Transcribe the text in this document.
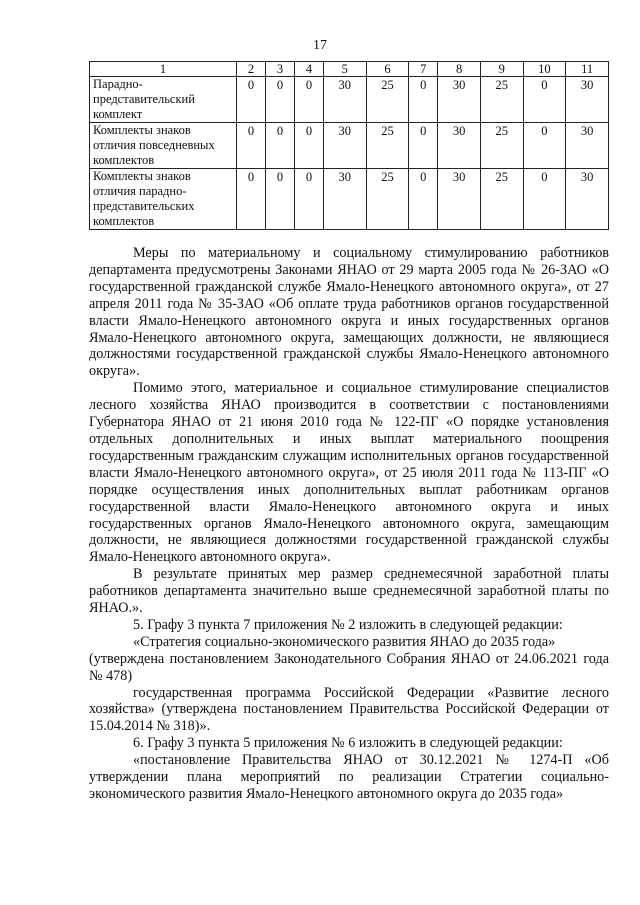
17
1	2	3	4	5	6	7	8	9	10	11
Парадно-представительский комплект	0	0	0	30	25	0	30	25	0	30
Комплекты знаков отличия повседневных комплектов	0	0	0	30	25	0	30	25	0	30
Комплекты знаков отличия парадно-представительских комплектов	0	0	0	30	25	0	30	25	0	30

Меры по материальному и социальному стимулированию работников департамента предусмотрены Законами ЯНАО от 29 марта 2005 года № 26-ЗАО «О государственной гражданской службе Ямало-Ненецкого автономного округа», от 27 апреля 2011 года № 35-ЗАО «Об оплате труда работников органов государственной власти Ямало-Ненецкого автономного округа и иных государственных органов Ямало-Ненецкого автономного округа, замещающих должности, не являющиеся должностями государственной гражданской службы Ямало-Ненецкого автономного округа».

Помимо этого, материальное и социальное стимулирование специалистов лесного хозяйства ЯНАО производится в соответствии с постановлениями Губернатора ЯНАО от 21 июня 2010 года № 122-ПГ «О порядке установления отдельных дополнительных и иных выплат материального поощрения государственным гражданским служащим исполнительных органов государственной власти Ямало-Ненецкого автономного округа», от 25 июля 2011 года № 113-ПГ «О порядке осуществления иных дополнительных выплат работникам органов государственной власти Ямало-Ненецкого автономного округа и иных государственных органов Ямало-Ненецкого автономного округа, замещающим должности, не являющиеся должностями государственной гражданской службы Ямало-Ненецкого автономного округа».

В результате принятых мер размер среднемесячной заработной платы работников департамента значительно выше среднемесячной заработной платы по ЯНАО.».

5. Графу 3 пункта 7 приложения № 2 изложить в следующей редакции:

«Стратегия социально-экономического развития ЯНАО до 2035 года»

(утверждена постановлением Законодательного Собрания ЯНАО от 24.06.2021 года № 478)

государственная программа Российской Федерации «Развитие лесного хозяйства» (утверждена постановлением Правительства Российской Федерации от 15.04.2014 № 318)».

6. Графу 3 пункта 5 приложения № 6 изложить в следующей редакции:

«постановление Правительства ЯНАО от 30.12.2021 № 1274-П «Об утверждении плана мероприятий по реализации Стратегии социально-экономического развития Ямало-Ненецкого автономного округа до 2035 года»
